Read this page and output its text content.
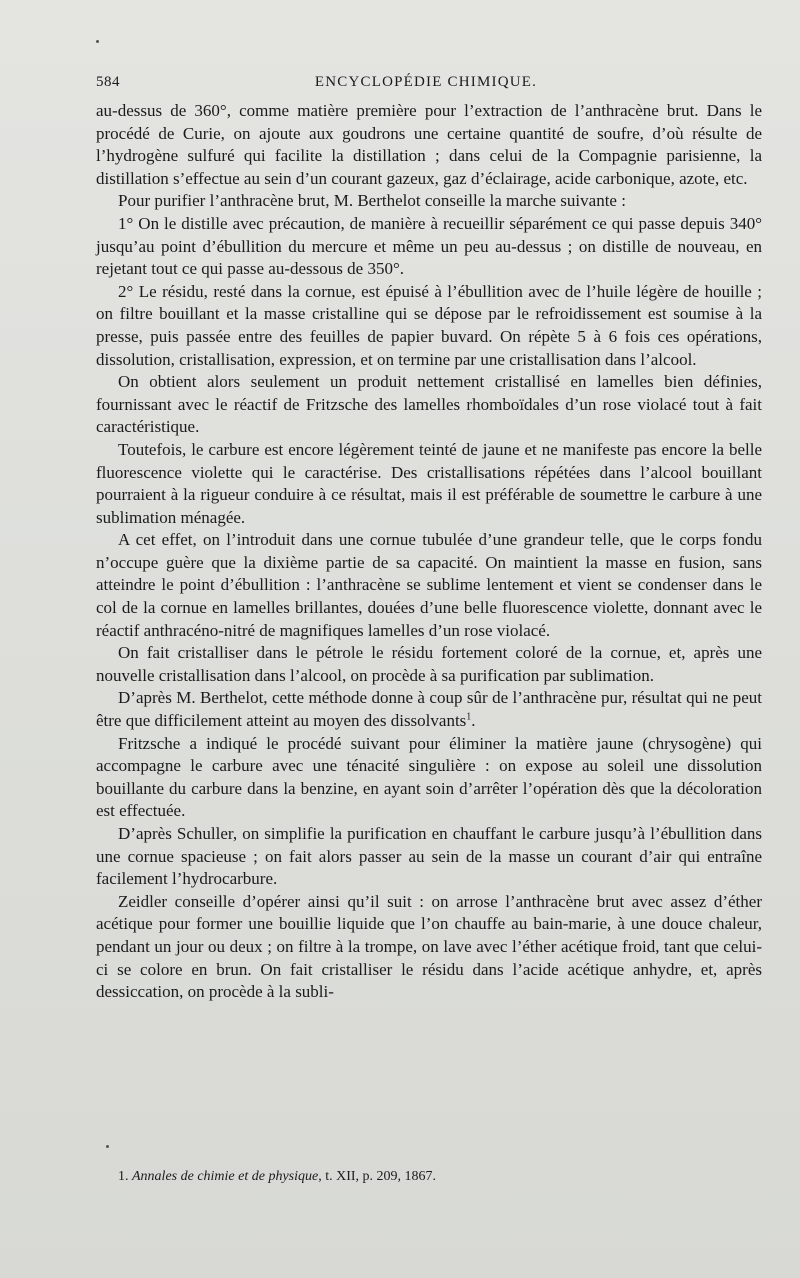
584	ENCYCLOPÉDIE CHIMIQUE.

au-dessus de 360°, comme matière première pour l’extraction de l’anthracène brut. Dans le procédé de Curie, on ajoute aux goudrons une certaine quantité de soufre, d’où résulte de l’hydrogène sulfuré qui facilite la distillation ; dans celui de la Compagnie parisienne, la distillation s’effectue au sein d’un courant gazeux, gaz d’éclairage, acide carbonique, azote, etc.

Pour purifier l’anthracène brut, M. Berthelot conseille la marche suivante :

1° On le distille avec précaution, de manière à recueillir séparément ce qui passe depuis 340° jusqu’au point d’ébullition du mercure et même un peu au-dessus ; on distille de nouveau, en rejetant tout ce qui passe au-dessous de 350°.

2° Le résidu, resté dans la cornue, est épuisé à l’ébullition avec de l’huile légère de houille ; on filtre bouillant et la masse cristalline qui se dépose par le refroidissement est soumise à la presse, puis passée entre des feuilles de papier buvard. On répète 5 à 6 fois ces opérations, dissolution, cristallisation, expression, et on termine par une cristallisation dans l’alcool.

On obtient alors seulement un produit nettement cristallisé en lamelles bien définies, fournissant avec le réactif de Fritzsche des lamelles rhomboïdales d’un rose violacé tout à fait caractéristique.

Toutefois, le carbure est encore légèrement teinté de jaune et ne manifeste pas encore la belle fluorescence violette qui le caractérise. Des cristallisations répétées dans l’alcool bouillant pourraient à la rigueur conduire à ce résultat, mais il est préférable de soumettre le carbure à une sublimation ménagée.

A cet effet, on l’introduit dans une cornue tubulée d’une grandeur telle, que le corps fondu n’occupe guère que la dixième partie de sa capacité. On maintient la masse en fusion, sans atteindre le point d’ébullition : l’anthracène se sublime lentement et vient se condenser dans le col de la cornue en lamelles brillantes, douées d’une belle fluorescence violette, donnant avec le réactif anthracéno-nitré de magnifiques lamelles d’un rose violacé.

On fait cristalliser dans le pétrole le résidu fortement coloré de la cornue, et, après une nouvelle cristallisation dans l’alcool, on procède à sa purification par sublimation.

D’après M. Berthelot, cette méthode donne à coup sûr de l’anthracène pur, résultat qui ne peut être que difficilement atteint au moyen des dissolvants$^1$.

Fritzsche a indiqué le procédé suivant pour éliminer la matière jaune (chrysogène) qui accompagne le carbure avec une ténacité singulière : on expose au soleil une dissolution bouillante du carbure dans la benzine, en ayant soin d’arrêter l’opération dès que la décoloration est effectuée.

D’après Schuller, on simplifie la purification en chauffant le carbure jusqu’à l’ébullition dans une cornue spacieuse ; on fait alors passer au sein de la masse un courant d’air qui entraîne facilement l’hydrocarbure.

Zeidler conseille d’opérer ainsi qu’il suit : on arrose l’anthracène brut avec assez d’éther acétique pour former une bouillie liquide que l’on chauffe au bain-marie, à une douce chaleur, pendant un jour ou deux ; on filtre à la trompe, on lave avec l’éther acétique froid, tant que celui-ci se colore en brun. On fait cristalliser le résidu dans l’acide acétique anhydre, et, après dessiccation, on procède à la subli-

1. Annales de chimie et de physique, t. XII, p. 209, 1867.
